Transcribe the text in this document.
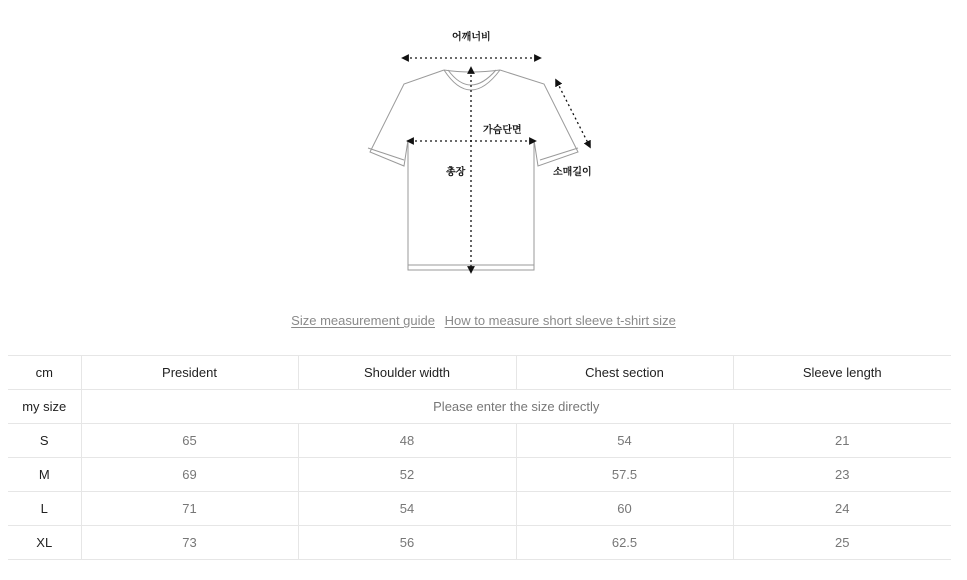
어깨너비
가슴단면
총장	소매길이
Size measurement guide How to measure short sleeve t-shirt size
cm	President	Shoulder width	Chest section	Sleeve length
my size	Please enter the size directly			
S	65	48	54	21
M	69	52	57.5	23
L	71	54	60	24
XL	73	56	62.5	25
